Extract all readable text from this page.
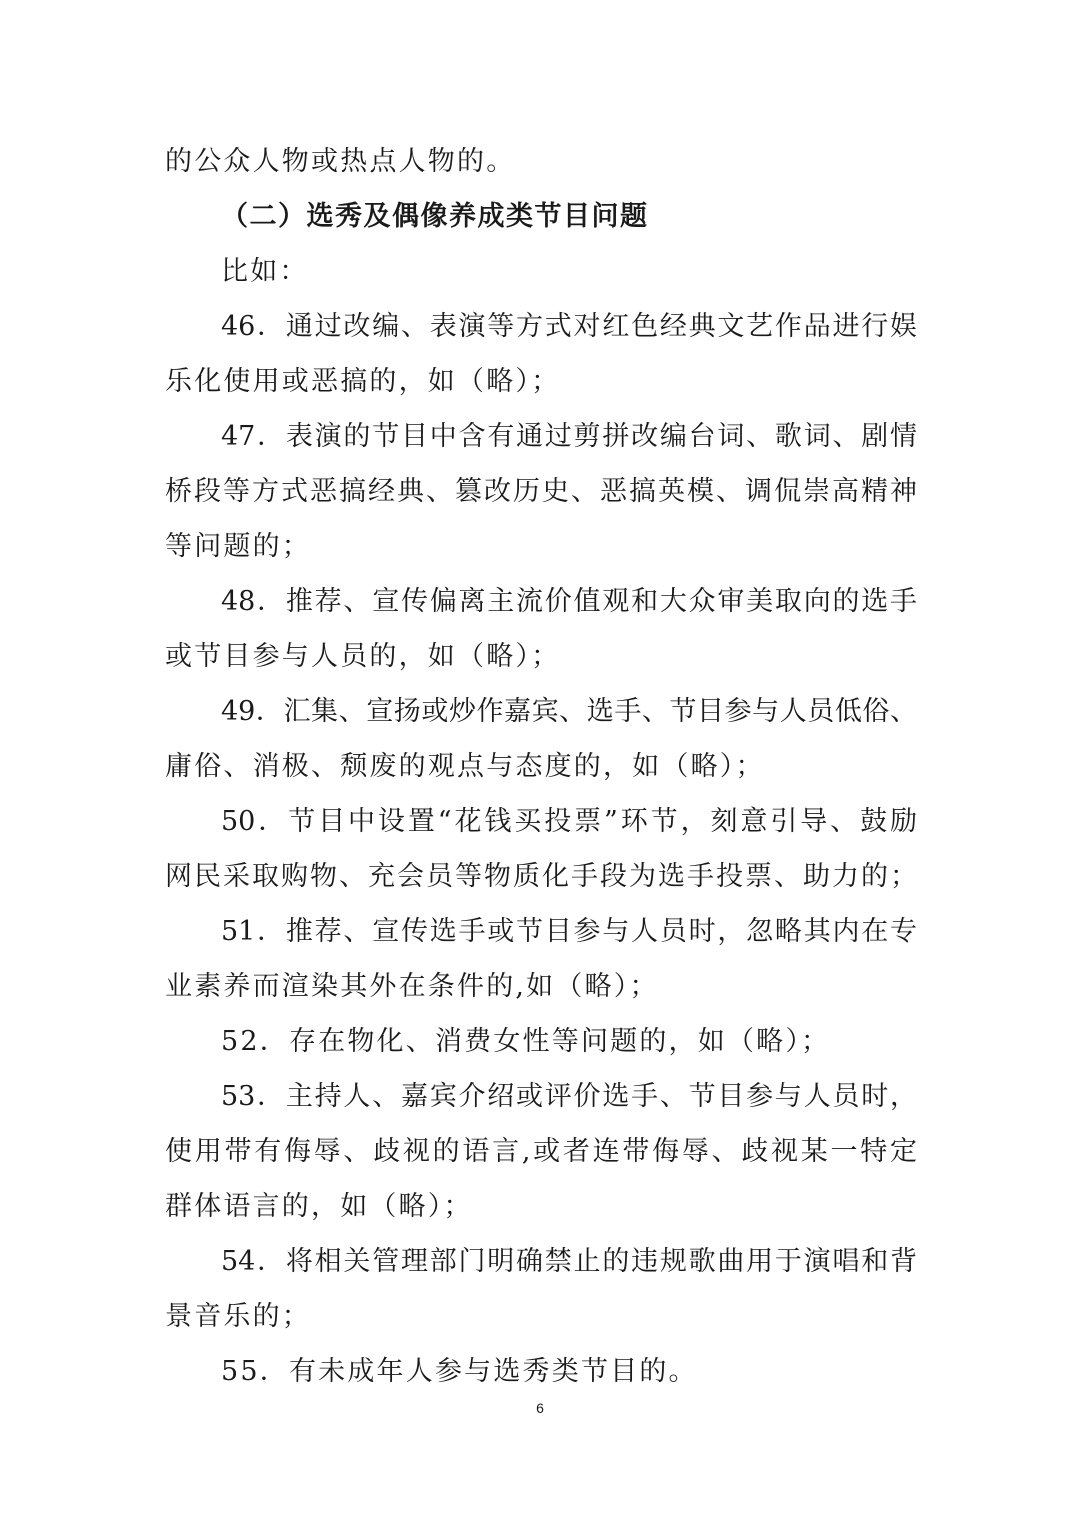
的公众人物或热点人物的。
（二）选秀及偶像养成类节目问题
比如：
46．通过改编、表演等方式对红色经典文艺作品进行娱
乐化使用或恶搞的，如（略）；
47．表演的节目中含有通过剪拼改编台词、歌词、剧情
桥段等方式恶搞经典、篡改历史、恶搞英模、调侃崇高精神
等问题的；
48．推荐、宣传偏离主流价值观和大众审美取向的选手
或节目参与人员的，如（略）；
49．汇集、宣扬或炒作嘉宾、选手、节目参与人员低俗、
庸俗、消极、颓废的观点与态度的，如（略）；
50．节目中设置“花钱买投票”环节，刻意引导、鼓励
网民采取购物、充会员等物质化手段为选手投票、助力的；
51．推荐、宣传选手或节目参与人员时，忽略其内在专
业素养而渲染其外在条件的,如（略）；
52．存在物化、消费女性等问题的，如（略）；
53．主持人、嘉宾介绍或评价选手、节目参与人员时，
使用带有侮辱、歧视的语言,或者连带侮辱、歧视某一特定
群体语言的，如（略）；
54．将相关管理部门明确禁止的违规歌曲用于演唱和背
景音乐的；
55．有未成年人参与选秀类节目的。
6
